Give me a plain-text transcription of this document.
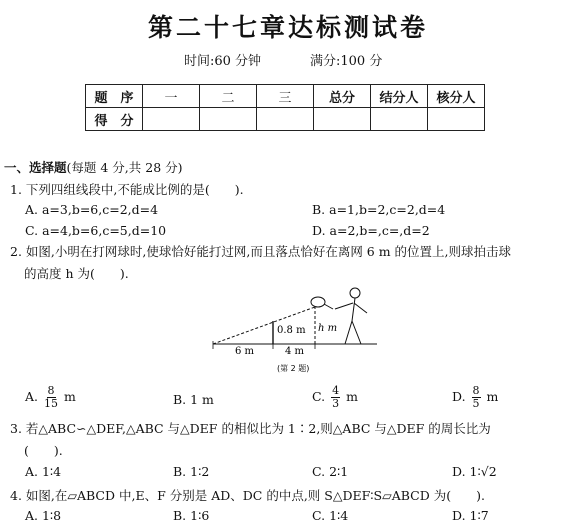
第二十七章达标测试卷
时间:60 分钟	满分:100 分
题　序	一	二	三	总分	结分人	核分人
得　分						
一、选择题(每题 4 分,共 28 分)
1. 下列四组线段中,不能成比例的是(　　).
A. a=3,b=6,c=2,d=4	B. a=1,b=2,c=2,d=4
C. a=4,b=6,c=5,d=10	D. a=2,b=,c=,d=2
2. 如图,小明在打网球时,使球恰好能打过网,而且落点恰好在离网 6 m 的位置上,则球拍击球
的高度 h 为(　　).
0.8 m h m
6 m	4 m
(第 2 题)
A. $\frac{8}{15}$ m	B. 1 m	C. $\frac{4}{3}$ m	D. $\frac{8}{5}$ m
3. 若△ABC∽△DEF,△ABC 与△DEF 的相似比为 1∶2,则△ABC 与△DEF 的周长比为
(　　).
A. 1∶4	B. 1∶2	C. 2∶1	D. 1∶√2
4. 如图,在▱ABCD 中,E、F 分别是 AD、DC 的中点,则 S△DEF∶S▱ABCD 为(　　).
A. 1∶8	B. 1∶6	C. 1∶4	D. 1∶7
